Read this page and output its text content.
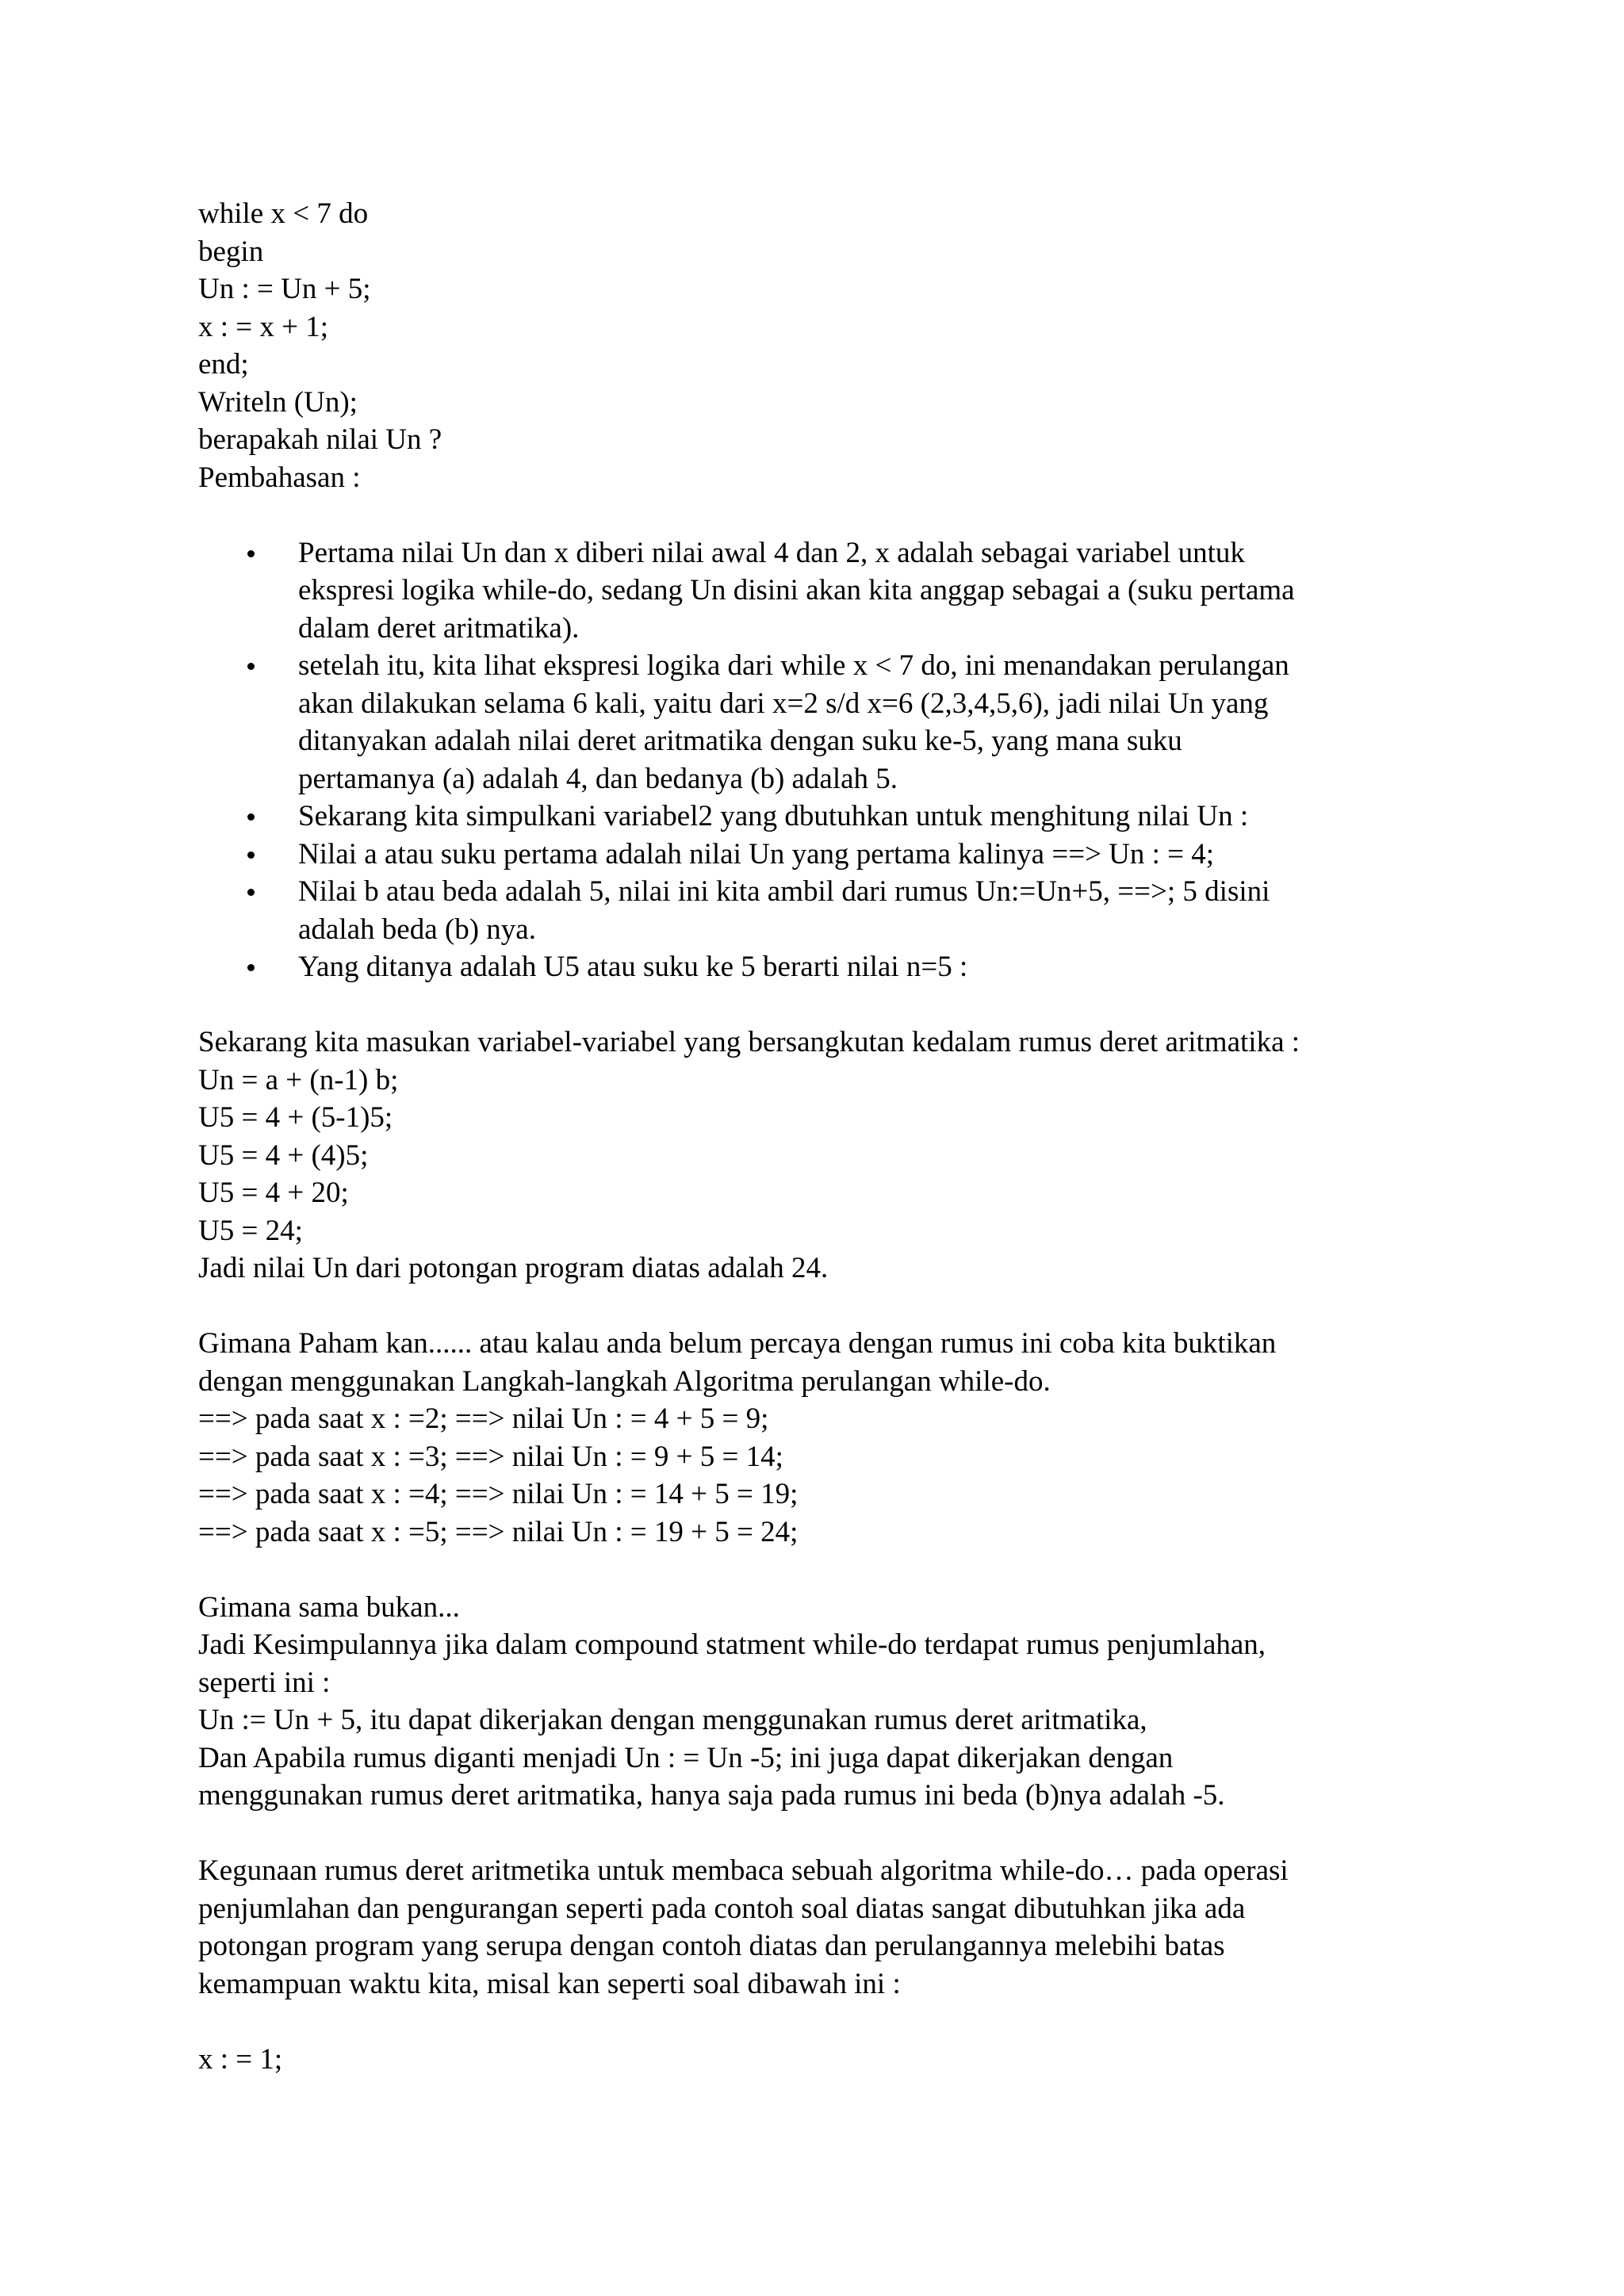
while x < 7 do
begin
Un : = Un + 5;
x : = x + 1;
end;
Writeln (Un);
berapakah nilai Un ?
Pembahasan :
Pertama nilai Un dan x diberi nilai awal 4 dan 2, x adalah sebagai variabel untuk
ekspresi logika while-do, sedang Un disini akan kita anggap sebagai a (suku pertama
dalam deret aritmatika).
setelah itu, kita lihat ekspresi logika dari while x < 7 do, ini menandakan perulangan
akan dilakukan selama 6 kali, yaitu dari x=2 s/d x=6 (2,3,4,5,6), jadi nilai Un yang
ditanyakan adalah nilai deret aritmatika dengan suku ke-5, yang mana suku
pertamanya (a) adalah 4, dan bedanya (b) adalah 5.
Sekarang kita simpulkani variabel2 yang dbutuhkan untuk menghitung nilai Un :
Nilai a atau suku pertama adalah nilai Un yang pertama kalinya ==> Un : = 4;
Nilai b atau beda adalah 5, nilai ini kita ambil dari rumus Un:=Un+5, ==>; 5 disini
adalah beda (b) nya.
Yang ditanya adalah U5 atau suku ke 5 berarti nilai n=5 :
Sekarang kita masukan variabel-variabel yang bersangkutan kedalam rumus deret aritmatika :
Un = a + (n-1) b;
U5 = 4 + (5-1)5;
U5 = 4 + (4)5;
U5 = 4 + 20;
U5 = 24;
Jadi nilai Un dari potongan program diatas adalah 24.
Gimana Paham kan...... atau kalau anda belum percaya dengan rumus ini coba kita buktikan
dengan menggunakan Langkah-langkah Algoritma perulangan while-do.
==> pada saat x : =2; ==> nilai Un : = 4 + 5 = 9;
==> pada saat x : =3; ==> nilai Un : = 9 + 5 = 14;
==> pada saat x : =4; ==> nilai Un : = 14 + 5 = 19;
==> pada saat x : =5; ==> nilai Un : = 19 + 5 = 24;
Gimana sama bukan...
Jadi Kesimpulannya jika dalam compound statment while-do terdapat rumus penjumlahan,
seperti ini :
Un := Un + 5, itu dapat dikerjakan dengan menggunakan rumus deret aritmatika,
Dan Apabila rumus diganti menjadi Un : = Un -5; ini juga dapat dikerjakan dengan
menggunakan rumus deret aritmatika, hanya saja pada rumus ini beda (b)nya adalah -5.
Kegunaan rumus deret aritmetika untuk membaca sebuah algoritma while-do… pada operasi
penjumlahan dan pengurangan seperti pada contoh soal diatas sangat dibutuhkan jika ada
potongan program yang serupa dengan contoh diatas dan perulangannya melebihi batas
kemampuan waktu kita, misal kan seperti soal dibawah ini :
x : = 1;
